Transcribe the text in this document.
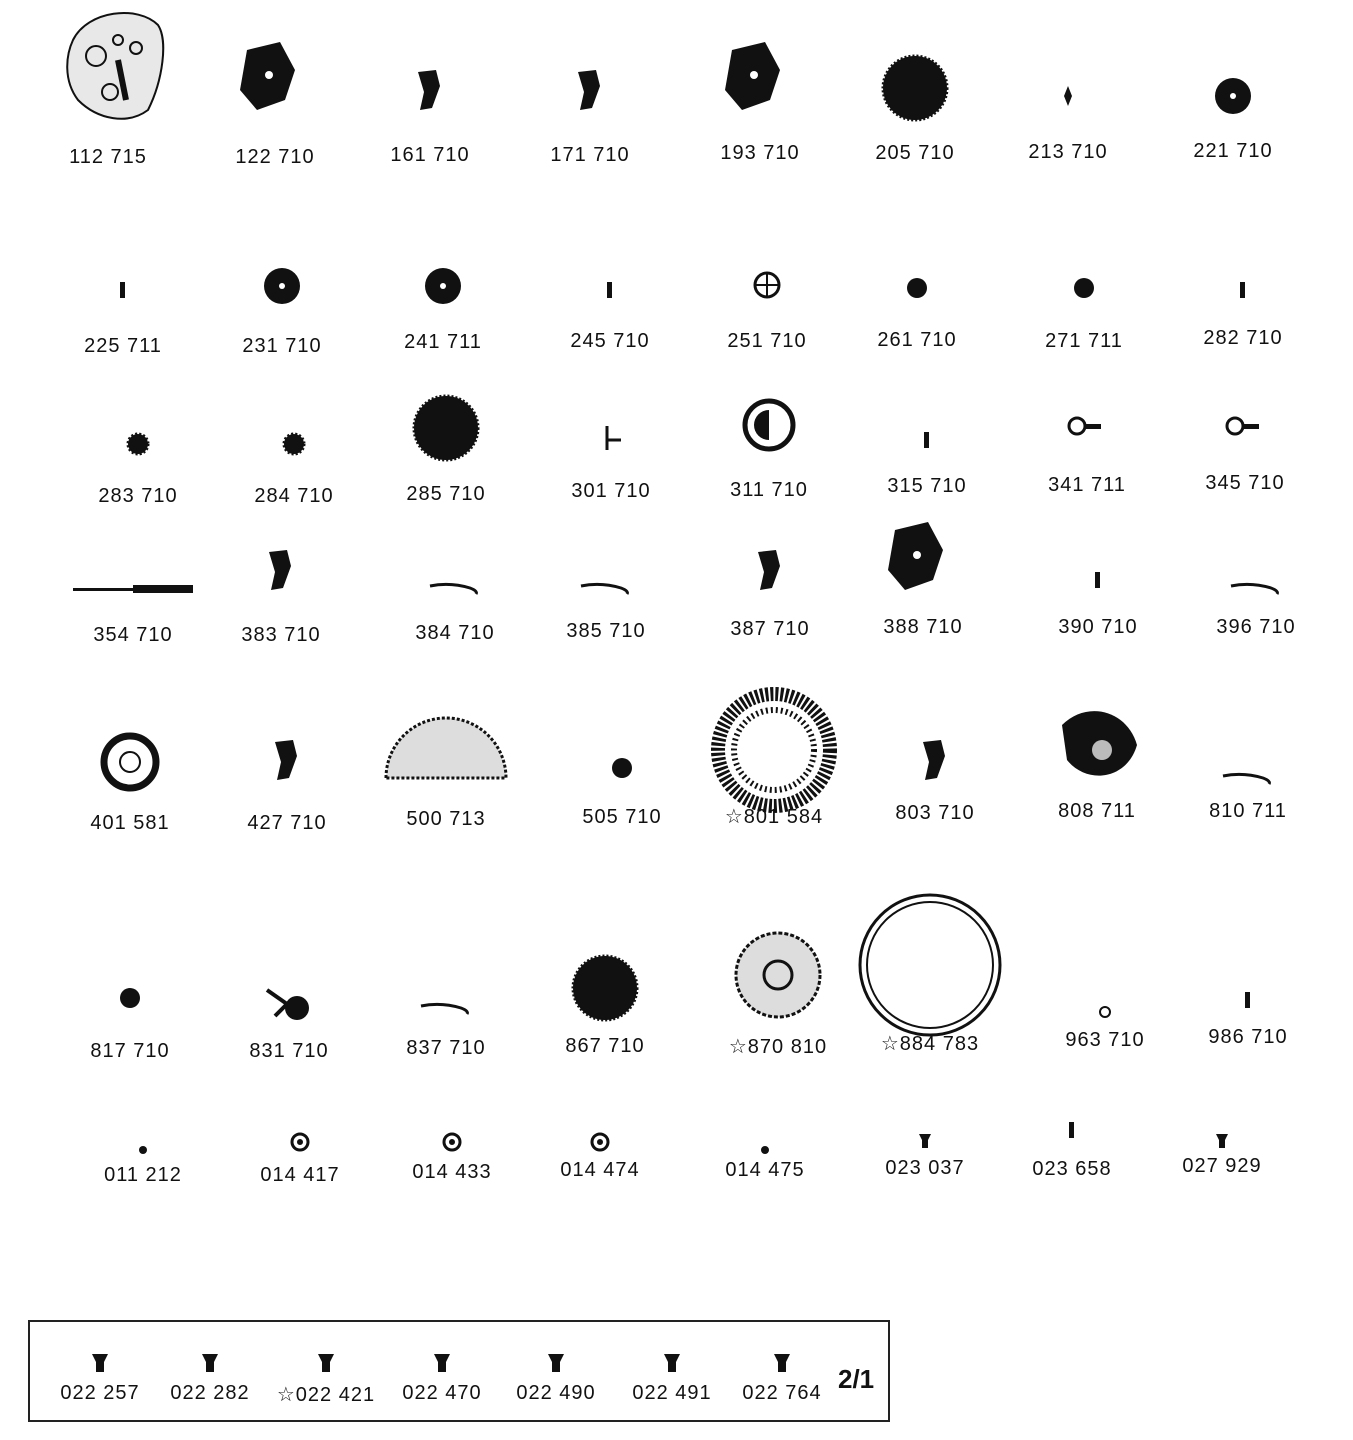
112 715	122 710	161 710	171 710	193 710	205 710	213 710	221 710
225 711	231 710	241 711	245 710	251 710	261 710	271 711	282 710
283 710	284 710	285 710	301 710	311 710	315 710	341 711	345 710
354 710	383 710	384 710	385 710	387 710	388 710	390 710	396 710
401 581	427 710	500 713	505 710	☆801 584	803 710	808 711	810 711
817 710	831 710	837 710	867 710	☆870 810	☆884 783	963 710	986 710
011 212	014 417	014 433	014 474	014 475	023 037	023 658	027 929
022 257	022 282	☆022 421	022 470	022 490	022 491	022 764 2/1
